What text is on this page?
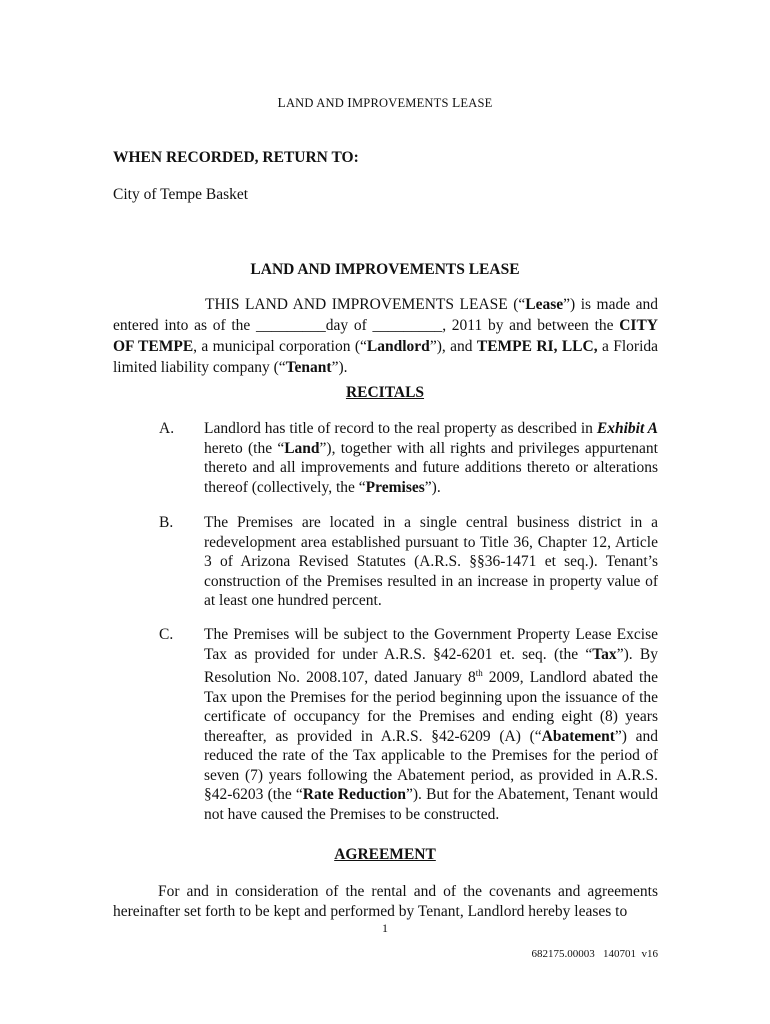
LAND AND IMPROVEMENTS LEASE
WHEN RECORDED, RETURN TO:
City of Tempe Basket
LAND AND IMPROVEMENTS LEASE
THIS LAND AND IMPROVEMENTS LEASE (“Lease”) is made and entered into as of the _________day of _________, 2011 by and between the CITY OF TEMPE, a municipal corporation (“Landlord”), and TEMPE RI, LLC, a Florida limited liability company (“Tenant”).
RECITALS
A. Landlord has title of record to the real property as described in Exhibit A hereto (the “Land”), together with all rights and privileges appurtenant thereto and all improvements and future additions thereto or alterations thereof (collectively, the “Premises”).
B. The Premises are located in a single central business district in a redevelopment area established pursuant to Title 36, Chapter 12, Article 3 of Arizona Revised Statutes (A.R.S. §§36-1471 et seq.). Tenant’s construction of the Premises resulted in an increase in property value of at least one hundred percent.
C. The Premises will be subject to the Government Property Lease Excise Tax as provided for under A.R.S. §42-6201 et. seq. (the “Tax”). By Resolution No. 2008.107, dated January 8th 2009, Landlord abated the Tax upon the Premises for the period beginning upon the issuance of the certificate of occupancy for the Premises and ending eight (8) years thereafter, as provided in A.R.S. §42-6209 (A) (“Abatement”) and reduced the rate of the Tax applicable to the Premises for the period of seven (7) years following the Abatement period, as provided in A.R.S. §42-6203 (the “Rate Reduction”). But for the Abatement, Tenant would not have caused the Premises to be constructed.
AGREEMENT
For and in consideration of the rental and of the covenants and agreements hereinafter set forth to be kept and performed by Tenant, Landlord hereby leases to
1
682175.00003   140701  v16
